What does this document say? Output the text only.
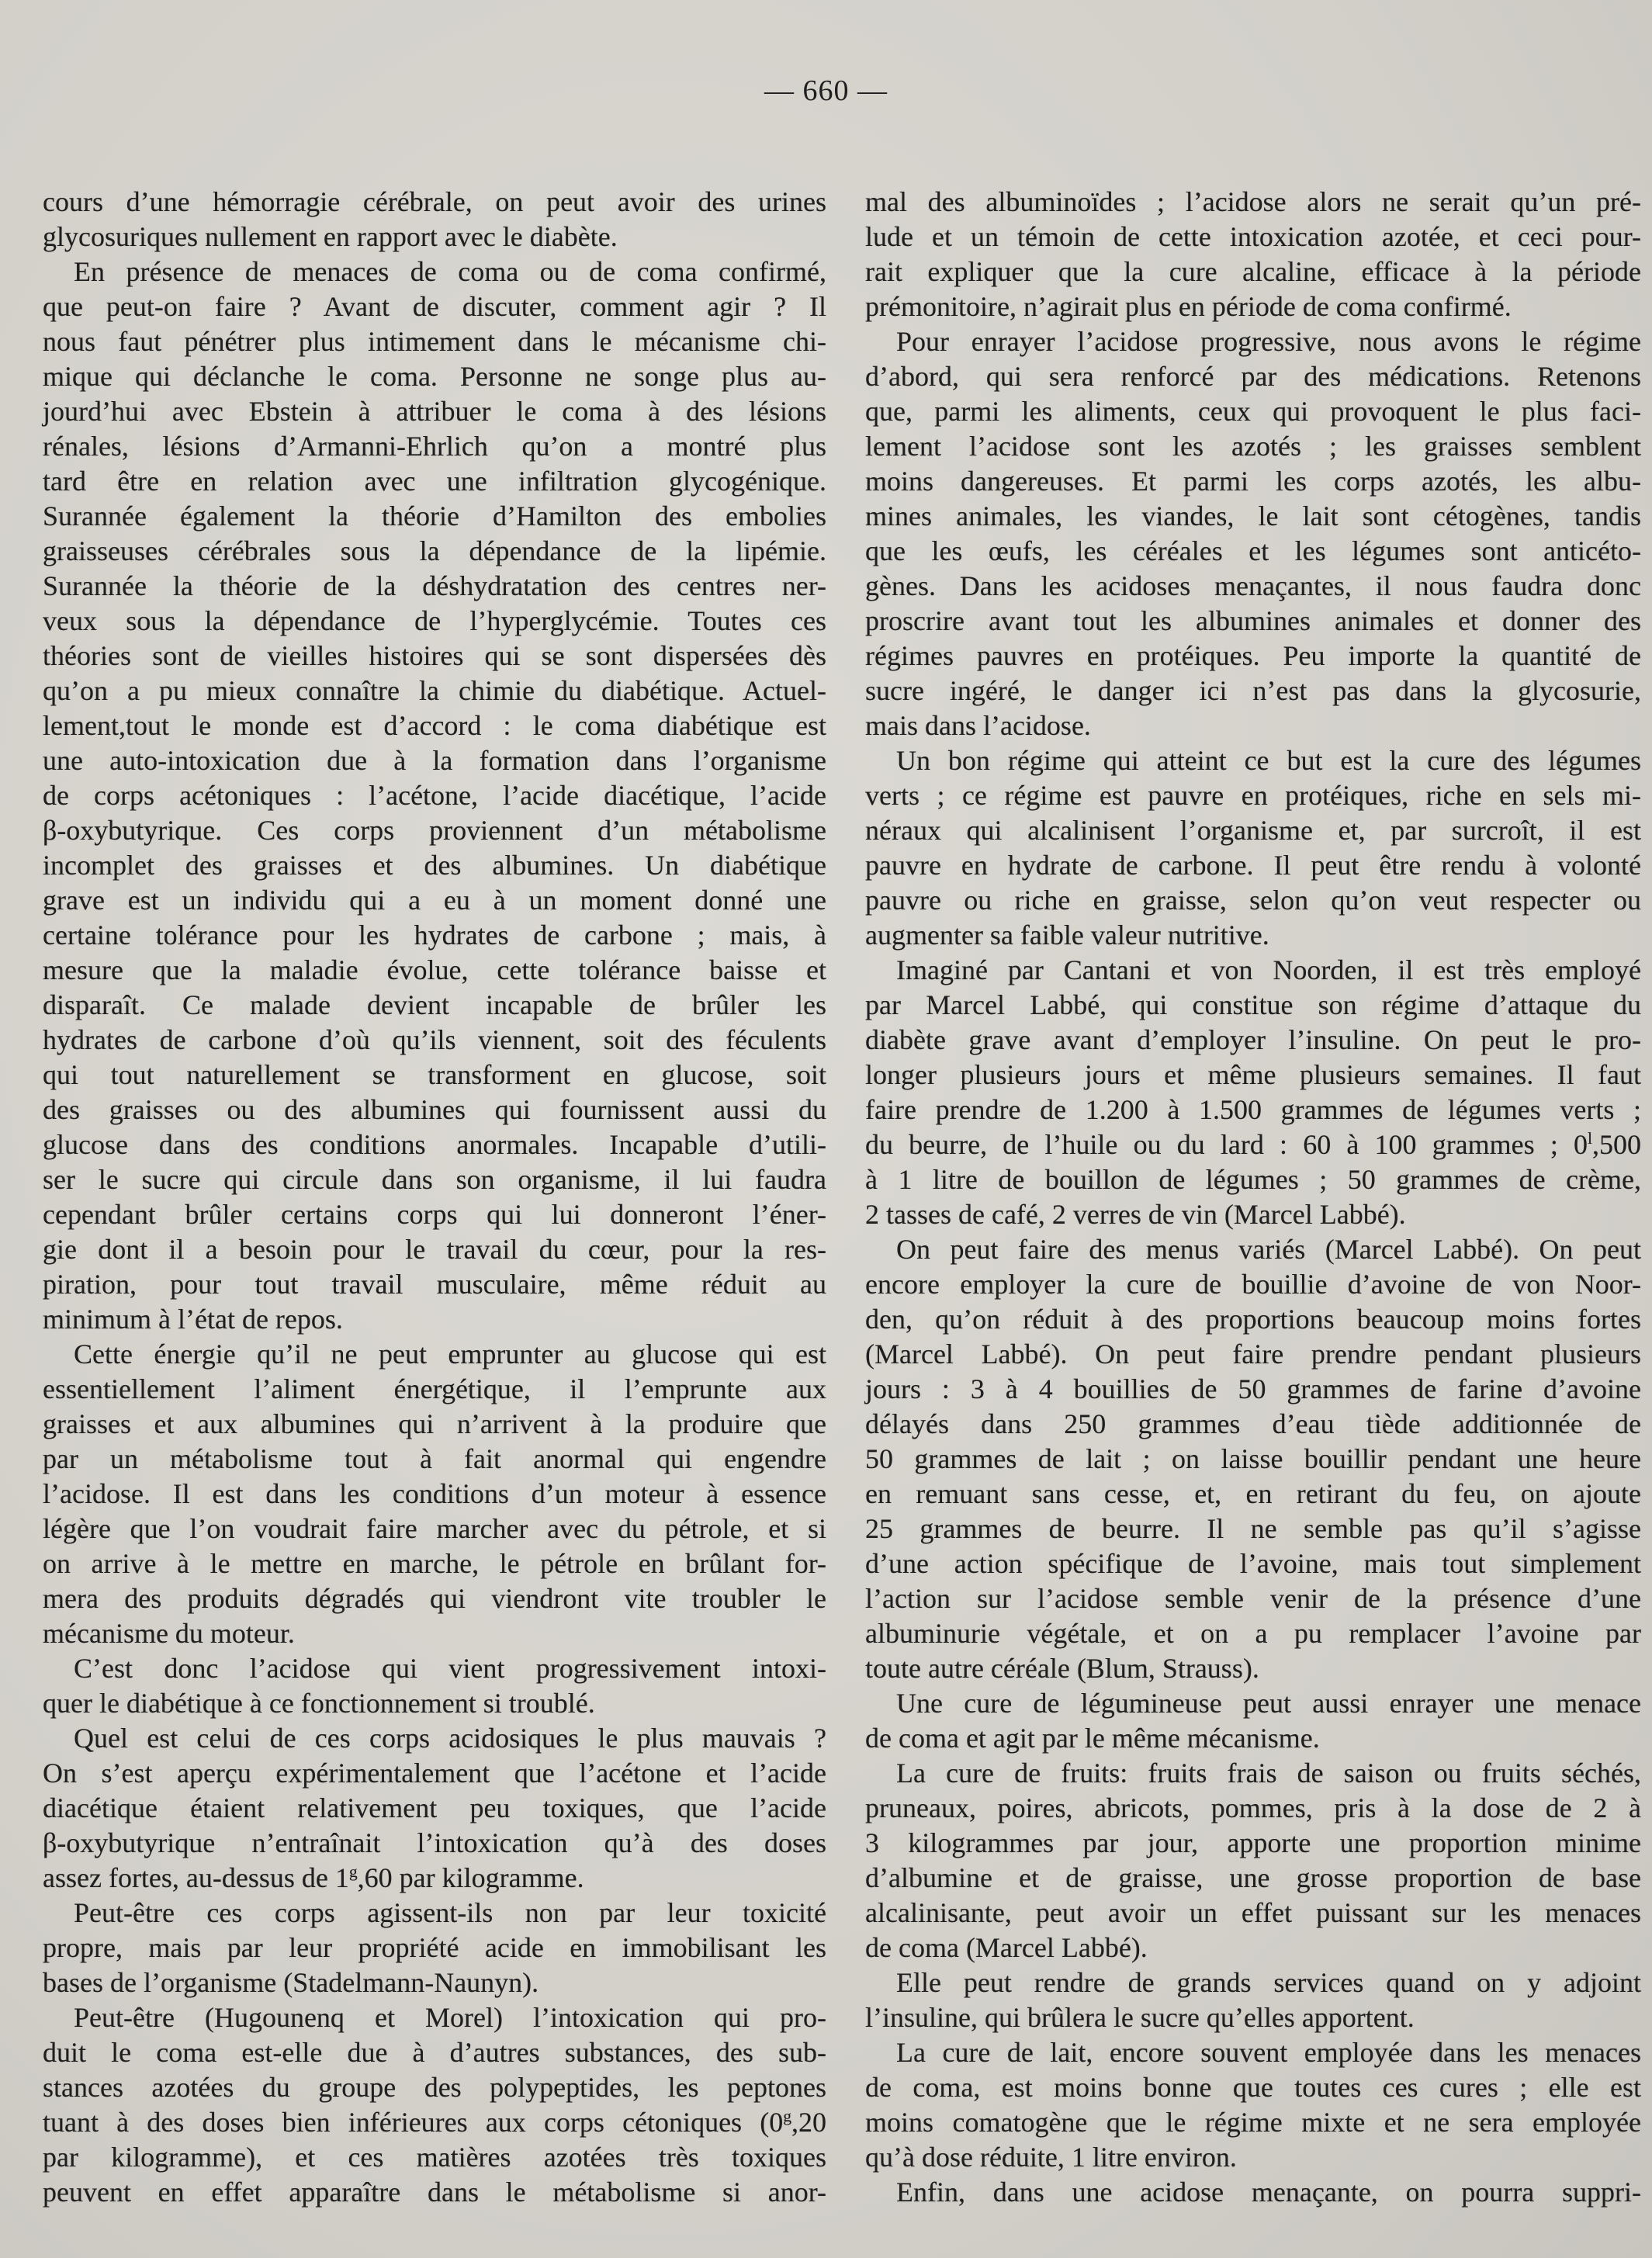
— 660 —
cours d’une hémorragie cérébrale, on peut avoir des urines
glycosuriques nullement en rapport avec le diabète.
En présence de menaces de coma ou de coma confirmé,
que peut-on faire ? Avant de discuter, comment agir ? Il
nous faut pénétrer plus intimement dans le mécanisme chi-
mique qui déclanche le coma. Personne ne songe plus au-
jourd’hui avec Ebstein à attribuer le coma à des lésions
rénales, lésions d’Armanni-Ehrlich qu’on a montré plus
tard être en relation avec une infiltration glycogénique.
Surannée également la théorie d’Hamilton des embolies
graisseuses cérébrales sous la dépendance de la lipémie.
Surannée la théorie de la déshydratation des centres ner-
veux sous la dépendance de l’hyperglycémie. Toutes ces
théories sont de vieilles histoires qui se sont dispersées dès
qu’on a pu mieux connaître la chimie du diabétique. Actuel-
lement,tout le monde est d’accord : le coma diabétique est
une auto-intoxication due à la formation dans l’organisme
de corps acétoniques : l’acétone, l’acide diacétique, l’acide
β-oxybutyrique. Ces corps proviennent d’un métabolisme
incomplet des graisses et des albumines. Un diabétique
grave est un individu qui a eu à un moment donné une
certaine tolérance pour les hydrates de carbone ; mais, à
mesure que la maladie évolue, cette tolérance baisse et
disparaît. Ce malade devient incapable de brûler les
hydrates de carbone d’où qu’ils viennent, soit des féculents
qui tout naturellement se transforment en glucose, soit
des graisses ou des albumines qui fournissent aussi du
glucose dans des conditions anormales. Incapable d’utili-
ser le sucre qui circule dans son organisme, il lui faudra
cependant brûler certains corps qui lui donneront l’éner-
gie dont il a besoin pour le travail du cœur, pour la res-
piration, pour tout travail musculaire, même réduit au
minimum à l’état de repos.
Cette énergie qu’il ne peut emprunter au glucose qui est
essentiellement l’aliment énergétique, il l’emprunte aux
graisses et aux albumines qui n’arrivent à la produire que
par un métabolisme tout à fait anormal qui engendre
l’acidose. Il est dans les conditions d’un moteur à essence
légère que l’on voudrait faire marcher avec du pétrole, et si
on arrive à le mettre en marche, le pétrole en brûlant for-
mera des produits dégradés qui viendront vite troubler le
mécanisme du moteur.
C’est donc l’acidose qui vient progressivement intoxi-
quer le diabétique à ce fonctionnement si troublé.
Quel est celui de ces corps acidosiques le plus mauvais ?
On s’est aperçu expérimentalement que l’acétone et l’acide
diacétique étaient relativement peu toxiques, que l’acide
β-oxybutyrique n’entraînait l’intoxication qu’à des doses
assez fortes, au-dessus de 1$^g$,60 par kilogramme.
Peut-être ces corps agissent-ils non par leur toxicité
propre, mais par leur propriété acide en immobilisant les
bases de l’organisme (Stadelmann-Naunyn).
Peut-être (Hugounenq et Morel) l’intoxication qui pro-
duit le coma est-elle due à d’autres substances, des sub-
stances azotées du groupe des polypeptides, les peptones
tuant à des doses bien inférieures aux corps cétoniques (0$^g$,20
par kilogramme), et ces matières azotées très toxiques
peuvent en effet apparaître dans le métabolisme si anor-
mal des albuminoïdes ; l’acidose alors ne serait qu’un pré-
lude et un témoin de cette intoxication azotée, et ceci pour-
rait expliquer que la cure alcaline, efficace à la période
prémonitoire, n’agirait plus en période de coma confirmé.
Pour enrayer l’acidose progressive, nous avons le régime
d’abord, qui sera renforcé par des médications. Retenons
que, parmi les aliments, ceux qui provoquent le plus faci-
lement l’acidose sont les azotés ; les graisses semblent
moins dangereuses. Et parmi les corps azotés, les albu-
mines animales, les viandes, le lait sont cétogènes, tandis
que les œufs, les céréales et les légumes sont anticéto-
gènes. Dans les acidoses menaçantes, il nous faudra donc
proscrire avant tout les albumines animales et donner des
régimes pauvres en protéiques. Peu importe la quantité de
sucre ingéré, le danger ici n’est pas dans la glycosurie,
mais dans l’acidose.
Un bon régime qui atteint ce but est la cure des légumes
verts ; ce régime est pauvre en protéiques, riche en sels mi-
néraux qui alcalinisent l’organisme et, par surcroît, il est
pauvre en hydrate de carbone. Il peut être rendu à volonté
pauvre ou riche en graisse, selon qu’on veut respecter ou
augmenter sa faible valeur nutritive.
Imaginé par Cantani et von Noorden, il est très employé
par Marcel Labbé, qui constitue son régime d’attaque du
diabète grave avant d’employer l’insuline. On peut le pro-
longer plusieurs jours et même plusieurs semaines. Il faut
faire prendre de 1.200 à 1.500 grammes de légumes verts ;
du beurre, de l’huile ou du lard : 60 à 100 grammes ; 0$^l$,500
à 1 litre de bouillon de légumes ; 50 grammes de crème,
2 tasses de café, 2 verres de vin (Marcel Labbé).
On peut faire des menus variés (Marcel Labbé). On peut
encore employer la cure de bouillie d’avoine de von Noor-
den, qu’on réduit à des proportions beaucoup moins fortes
(Marcel Labbé). On peut faire prendre pendant plusieurs
jours : 3 à 4 bouillies de 50 grammes de farine d’avoine
délayés dans 250 grammes d’eau tiède additionnée de
50 grammes de lait ; on laisse bouillir pendant une heure
en remuant sans cesse, et, en retirant du feu, on ajoute
25 grammes de beurre. Il ne semble pas qu’il s’agisse
d’une action spécifique de l’avoine, mais tout simplement
l’action sur l’acidose semble venir de la présence d’une
albuminurie végétale, et on a pu remplacer l’avoine par
toute autre céréale (Blum, Strauss).
Une cure de légumineuse peut aussi enrayer une menace
de coma et agit par le même mécanisme.
La cure de fruits: fruits frais de saison ou fruits séchés,
pruneaux, poires, abricots, pommes, pris à la dose de 2 à
3 kilogrammes par jour, apporte une proportion minime
d’albumine et de graisse, une grosse proportion de base
alcalinisante, peut avoir un effet puissant sur les menaces
de coma (Marcel Labbé).
Elle peut rendre de grands services quand on y adjoint
l’insuline, qui brûlera le sucre qu’elles apportent.
La cure de lait, encore souvent employée dans les menaces
de coma, est moins bonne que toutes ces cures ; elle est
moins comatogène que le régime mixte et ne sera employée
qu’à dose réduite, 1 litre environ.
Enfin, dans une acidose menaçante, on pourra suppri-
